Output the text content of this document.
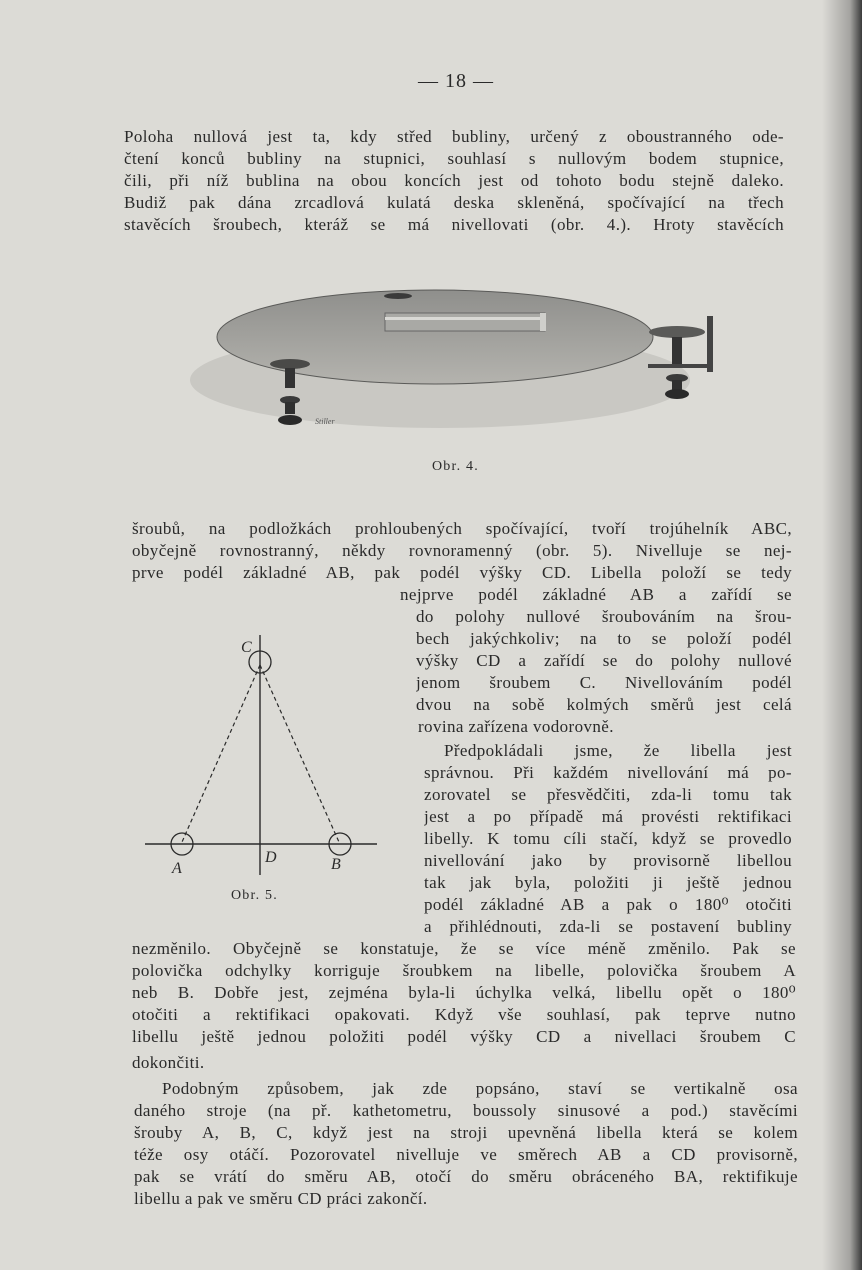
— 18 —
Poloha nullová jest ta, kdy střed bubliny, určený z oboustranného ode-
čtení konců bubliny na stupnici, souhlasí s nullovým bodem stupnice,
čili, při níž bublina na obou koncích jest od tohoto bodu stejně daleko.
Budiž pak dána zrcadlová kulatá deska skleněná, spočívající na třech
stavěcích šroubech, kteráž se má nivellovati (obr. 4.). Hroty stavěcích
Stiller
Obr. 4.
šroubů, na podložkách prohloubených spočívající, tvoří trojúhelník ABC,
obyčejně rovnostranný, někdy rovnoramenný (obr. 5). Nivelluje se nej-
prve podél základné AB, pak podél výšky CD. Libella položí se tedy
nejprve podél základné AB a zařídí se
do polohy nullové šroubováním na šrou-
bech jakýchkoliv; na to se položí podél
výšky CD a zařídí se do polohy nullové
jenom šroubem C. Nivellováním podél
dvou na sobě kolmých směrů jest celá
rovina zařízena vodorovně.
C
A	B
D
Obr. 5.
Předpokládali jsme, že libella jest
správnou. Při každém nivellování má po-
zorovatel se přesvědčiti, zda-li tomu tak
jest a po případě má provésti rektifikaci
libelly. K tomu cíli stačí, když se provedlo
nivellování jako by provisorně libellou
tak jak byla, položiti ji ještě jednou
podél základné AB a pak o 180⁰ otočiti
a přihlédnouti, zda-li se postavení bubliny
nezměnilo. Obyčejně se konstatuje, že se více méně změnilo. Pak se
polovička odchylky korriguje šroubkem na libelle, polovička šroubem A
neb B. Dobře jest, zejména byla-li úchylka velká, libellu opět o 180⁰
otočiti a rektifikaci opakovati. Když vše souhlasí, pak teprve nutno
libellu ještě jednou položiti podél výšky CD a nivellaci šroubem C
dokončiti.
Podobným způsobem, jak zde popsáno, staví se vertikalně osa
daného stroje (na př. kathetometru, boussoly sinusové a pod.) stavěcími
šrouby A, B, C, když jest na stroji upevněná libella která se kolem
téže osy otáčí. Pozorovatel nivelluje ve směrech AB a CD provisorně,
pak se vrátí do směru AB, otočí do směru obráceného BA, rektifikuje
libellu a pak ve směru CD práci zakončí.
